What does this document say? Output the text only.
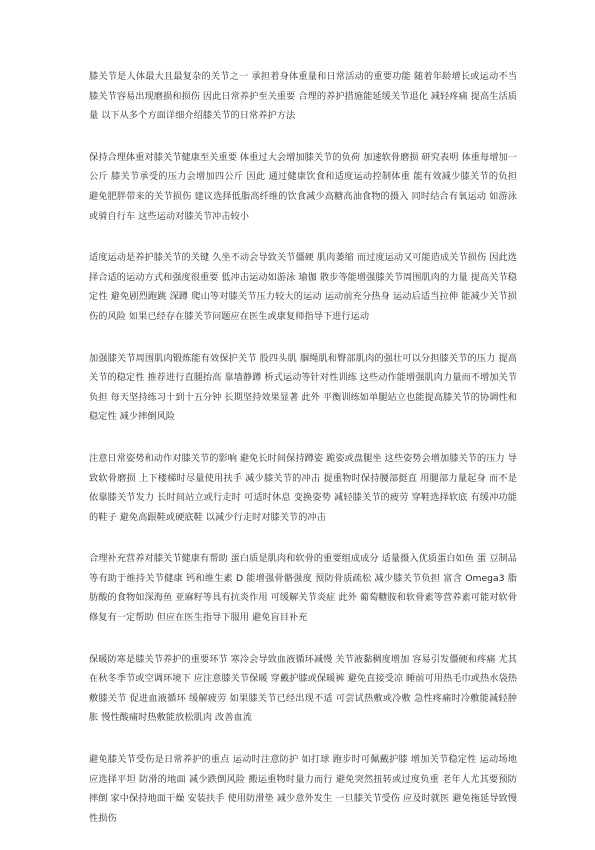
膝关节是人体最大且最复杂的关节之一 承担着身体重量和日常活动的重要功能 随着年龄增长或运动不当 膝关节容易出现磨损和损伤 因此日常养护至关重要 合理的养护措施能延缓关节退化 减轻疼痛 提高生活质量 以下从多个方面详细介绍膝关节的日常养护方法

保持合理体重对膝关节健康至关重要 体重过大会增加膝关节的负荷 加速软骨磨损 研究表明 体重每增加一公斤 膝关节承受的压力会增加四公斤 因此 通过健康饮食和适度运动控制体重 能有效减少膝关节的负担 避免肥胖带来的关节损伤 建议选择低脂高纤维的饮食减少高糖高油食物的摄入 同时结合有氧运动 如游泳或骑自行车 这些运动对膝关节冲击较小

适度运动是养护膝关节的关键 久坐不动会导致关节僵硬 肌肉萎缩 而过度运动又可能造成关节损伤 因此选择合适的运动方式和强度很重要 低冲击运动如游泳 瑜伽 散步等能增强膝关节周围肌肉的力量 提高关节稳定性 避免剧烈跑跳 深蹲 爬山等对膝关节压力较大的运动 运动前充分热身 运动后适当拉伸 能减少关节损伤的风险 如果已经存在膝关节问题应在医生或康复师指导下进行运动

加强膝关节周围肌肉锻炼能有效保护关节 股四头肌 腘绳肌和臀部肌肉的强壮可以分担膝关节的压力 提高关节的稳定性 推荐进行直腿抬高 靠墙静蹲 桥式运动等针对性训练 这些动作能增强肌肉力量而不增加关节负担 每天坚持练习十到十五分钟 长期坚持效果显著 此外 平衡训练如单腿站立也能提高膝关节的协调性和稳定性 减少摔倒风险

注意日常姿势和动作对膝关节的影响 避免长时间保持蹲姿 跪姿或盘腿坐 这些姿势会增加膝关节的压力 导致软骨磨损 上下楼梯时尽量使用扶手 减少膝关节的冲击 提重物时保持腰部挺直 用腿部力量起身 而不是依靠膝关节发力 长时间站立或行走时 可适时休息 变换姿势 减轻膝关节的疲劳 穿鞋选择软底 有缓冲功能的鞋子 避免高跟鞋或硬底鞋 以减少行走时对膝关节的冲击

合理补充营养对膝关节健康有帮助 蛋白质是肌肉和软骨的重要组成成分 适量摄入优质蛋白如鱼 蛋 豆制品等有助于维持关节健康 钙和维生素 D 能增强骨骼强度 预防骨质疏松 减少膝关节负担 富含 Omega3 脂肪酸的食物如深海鱼 亚麻籽等具有抗炎作用 可缓解关节炎症 此外 葡萄糖胺和软骨素等营养素可能对软骨修复有一定帮助 但应在医生指导下服用 避免盲目补充

保暖防寒是膝关节养护的重要环节 寒冷会导致血液循环减慢 关节液黏稠度增加 容易引发僵硬和疼痛 尤其在秋冬季节或空调环境下 应注意膝关节保暖 穿戴护膝或保暖裤 避免直接受凉 睡前可用热毛巾或热水袋热敷膝关节 促进血液循环 缓解疲劳 如果膝关节已经出现不适 可尝试热敷或冷敷 急性疼痛时冷敷能减轻肿胀 慢性酸痛时热敷能放松肌肉 改善血流

避免膝关节受伤是日常养护的重点 运动时注意防护 如打球 跑步时可佩戴护膝 增加关节稳定性 运动场地应选择平坦 防滑的地面 减少跌倒风险 搬运重物时量力而行 避免突然扭转或过度负重 老年人尤其要预防摔倒 家中保持地面干燥 安装扶手 使用防滑垫 减少意外发生 一旦膝关节受伤 应及时就医 避免拖延导致慢性损伤
